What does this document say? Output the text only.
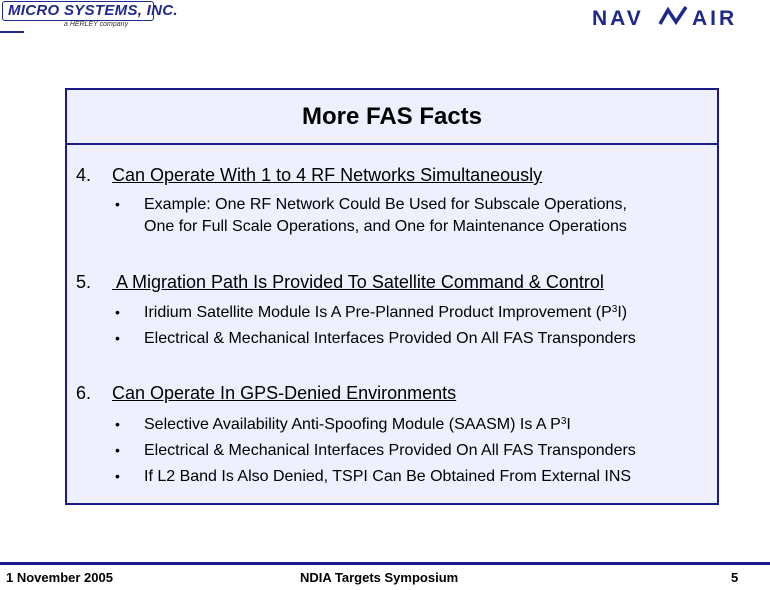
MICRO SYSTEMS, INC.
a HERLEY company	NAV AIR
More FAS Facts
4. Can Operate With 1 to 4 RF Networks Simultaneously
• Example: One RF Network Could Be Used for Subscale Operations,
One for Full Scale Operations, and One for Maintenance Operations
5. A Migration Path Is Provided To Satellite Command & Control
• Iridium Satellite Module Is A Pre-Planned Product Improvement $(P^3I)$
• Electrical & Mechanical Interfaces Provided On All FAS Transponders
6. Can Operate In GPS-Denied Environments
• Selective Availability Anti-Spoofing Module (SAASM) Is A $P^3I$
• Electrical & Mechanical Interfaces Provided On All FAS Transponders
• If L2 Band Is Also Denied, TSPI Can Be Obtained From External INS
1 November 2005	NDIA Targets Symposium	5
